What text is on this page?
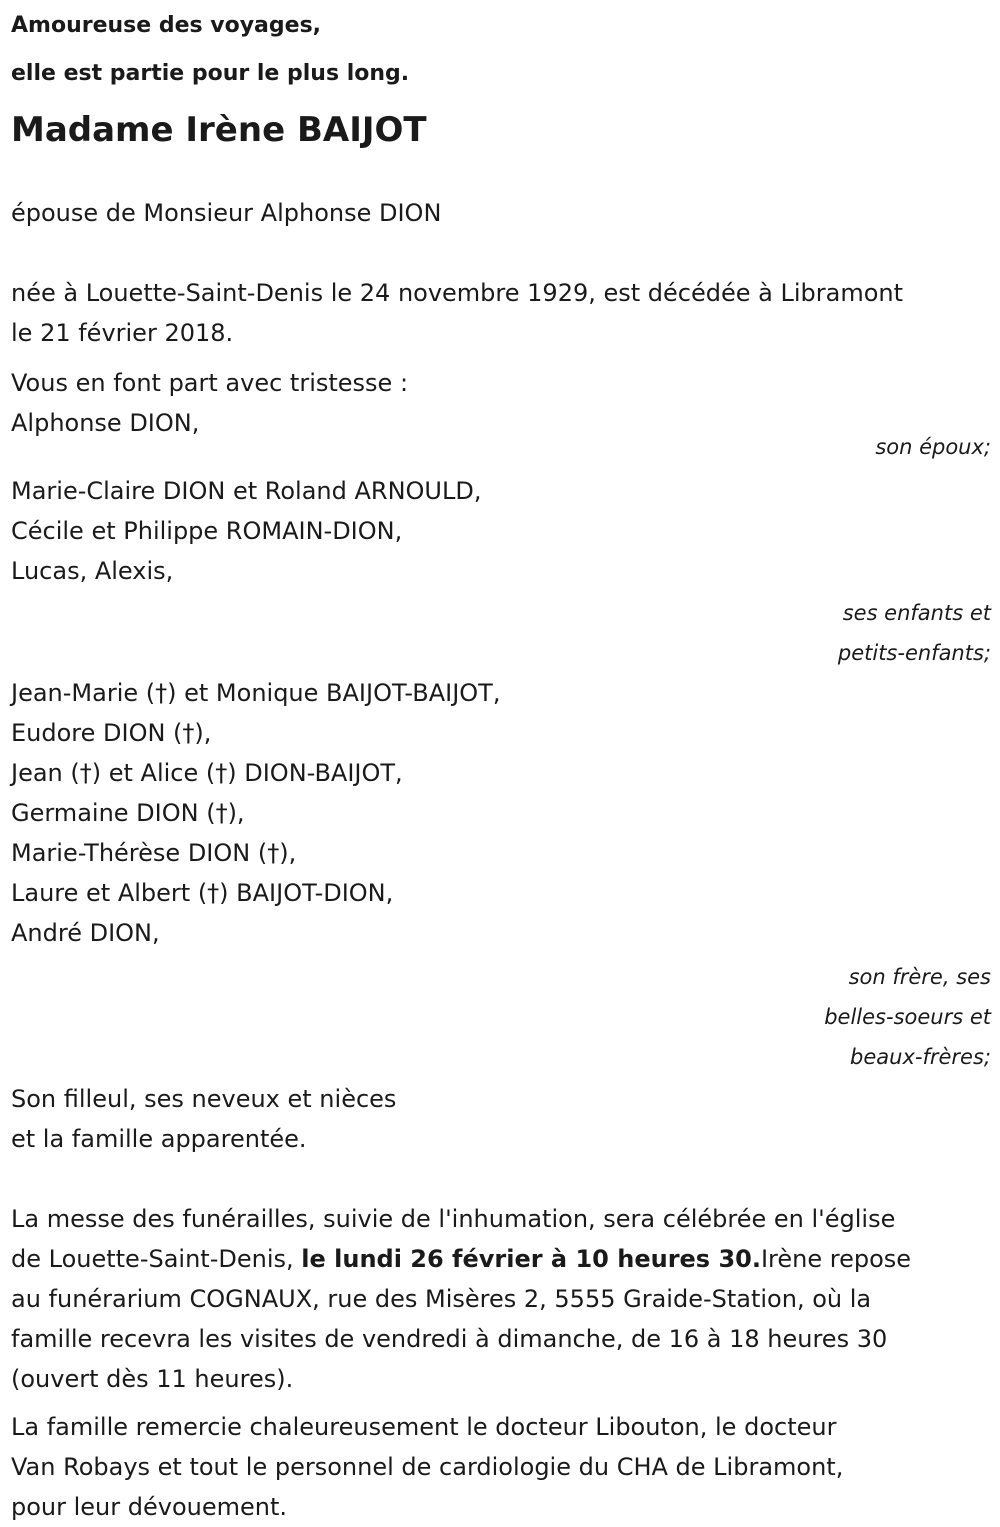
Amoureuse des voyages,
elle est partie pour le plus long.
Madame Irène BAIJOT
épouse de Monsieur Alphonse DION
née à Louette-Saint-Denis le 24 novembre 1929, est décédée à Libramont
le 21 février 2018.
Vous en font part avec tristesse :
Alphonse DION,
son époux;
Marie-Claire DION et Roland ARNOULD,
Cécile et Philippe ROMAIN-DION,
Lucas, Alexis,
ses enfants et
petits-enfants;
Jean-Marie (†) et Monique BAIJOT-BAIJOT,
Eudore DION (†),
Jean (†) et Alice (†) DION-BAIJOT,
Germaine DION (†),
Marie-Thérèse DION (†),
Laure et Albert (†) BAIJOT-DION,
André DION,
son frère, ses
belles-soeurs et
beaux-frères;
Son filleul, ses neveux et nièces
et la famille apparentée.
La messe des funérailles, suivie de l'inhumation, sera célébrée en l'église
de Louette-Saint-Denis, le lundi 26 février à 10 heures 30.Irène repose
au funérarium COGNAUX, rue des Misères 2, 5555 Graide-Station, où la
famille recevra les visites de vendredi à dimanche, de 16 à 18 heures 30
(ouvert dès 11 heures).
La famille remercie chaleureusement le docteur Libouton, le docteur
Van Robays et tout le personnel de cardiologie du CHA de Libramont,
pour leur dévouement.
